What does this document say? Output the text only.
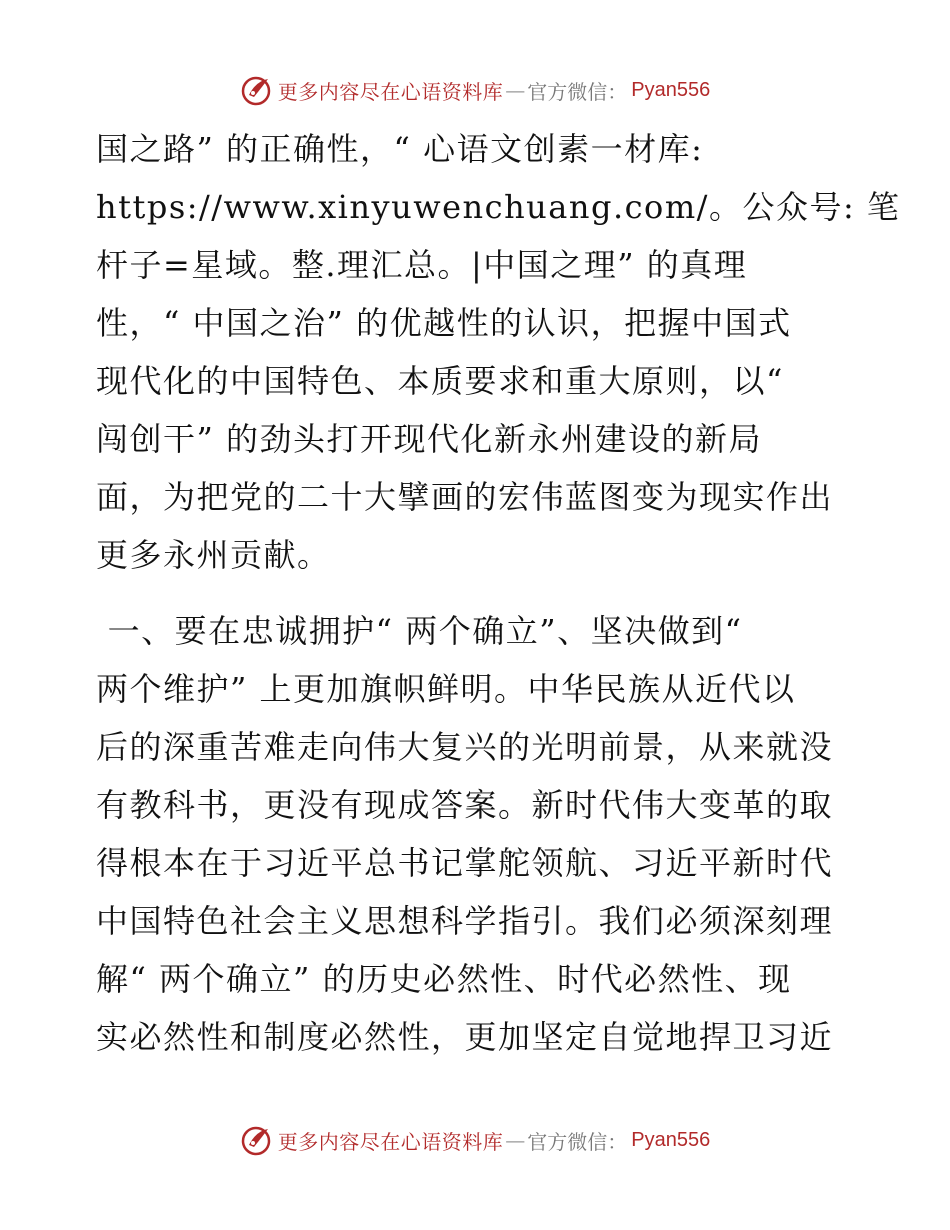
更多内容尽在心语资料库 — 官方微信： Pyan556
国之路” 的正确性，“ 心语文创素一材库:
https://www.xinyuwenchuang.com/。公众号: 笔
杆子=星域。整.理汇总。|中国之理” 的真理
性，“ 中国之治” 的优越性的认识，把握中国式
现代化的中国特色、本质要求和重大原则，以“
闯创干” 的劲头打开现代化新永州建设的新局
面，为把党的二十大擘画的宏伟蓝图变为现实作出
更多永州贡献。
一、要在忠诚拥护“ 两个确立”、坚决做到“
两个维护” 上更加旗帜鲜明。中华民族从近代以
后的深重苦难走向伟大复兴的光明前景，从来就没
有教科书，更没有现成答案。新时代伟大变革的取
得根本在于习近平总书记掌舵领航、习近平新时代
中国特色社会主义思想科学指引。我们必须深刻理
解“ 两个确立” 的历史必然性、时代必然性、现
实必然性和制度必然性，更加坚定自觉地捍卫习近
更多内容尽在心语资料库 — 官方微信： Pyan556
